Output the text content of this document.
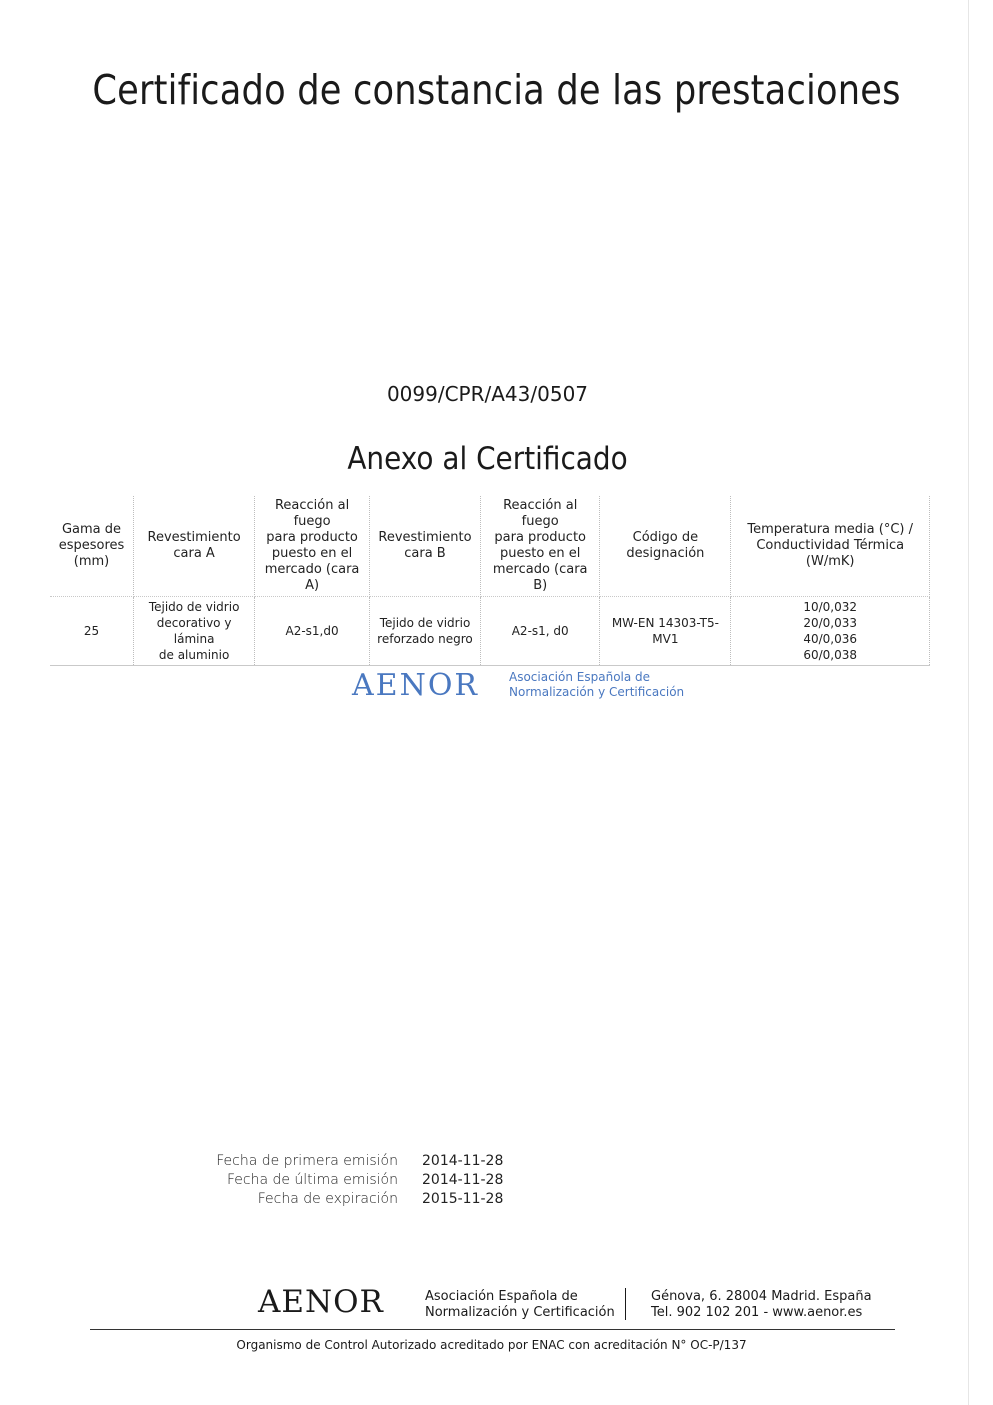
Certificado de constancia de las prestaciones
0099/CPR/A43/0507
Anexo al Certificado
Gama de
espesores
(mm)	Revestimiento
cara A	Reacción al fuego
para producto
puesto en el
mercado (cara A)	Revestimiento
cara B	Reacción al fuego
para producto
puesto en el
mercado (cara B)	Código de
designación	Temperatura media (°C) /
Conductividad Térmica (W/mK)

25	Tejido de vidrio
decorativo y lámina
de aluminio	A2-s1,d0	Tejido de vidrio
reforzado negro	A2-s1, d0	MW-EN 14303-T5-MV1	10/0,032
20/0,033
40/0,036
60/0,038
AENOR	Asociación Española de
Normalización y Certificación
Fecha de primera emisión	2014-11-28
Fecha de última emisión	2014-11-28
Fecha de expiración	2015-11-28
AENOR	Asociación Española de
Normalización y Certificación
Génova, 6. 28004 Madrid. España
Tel. 902 102 201 - www.aenor.es
Organismo de Control Autorizado acreditado por ENAC con acreditación N° OC-P/137
